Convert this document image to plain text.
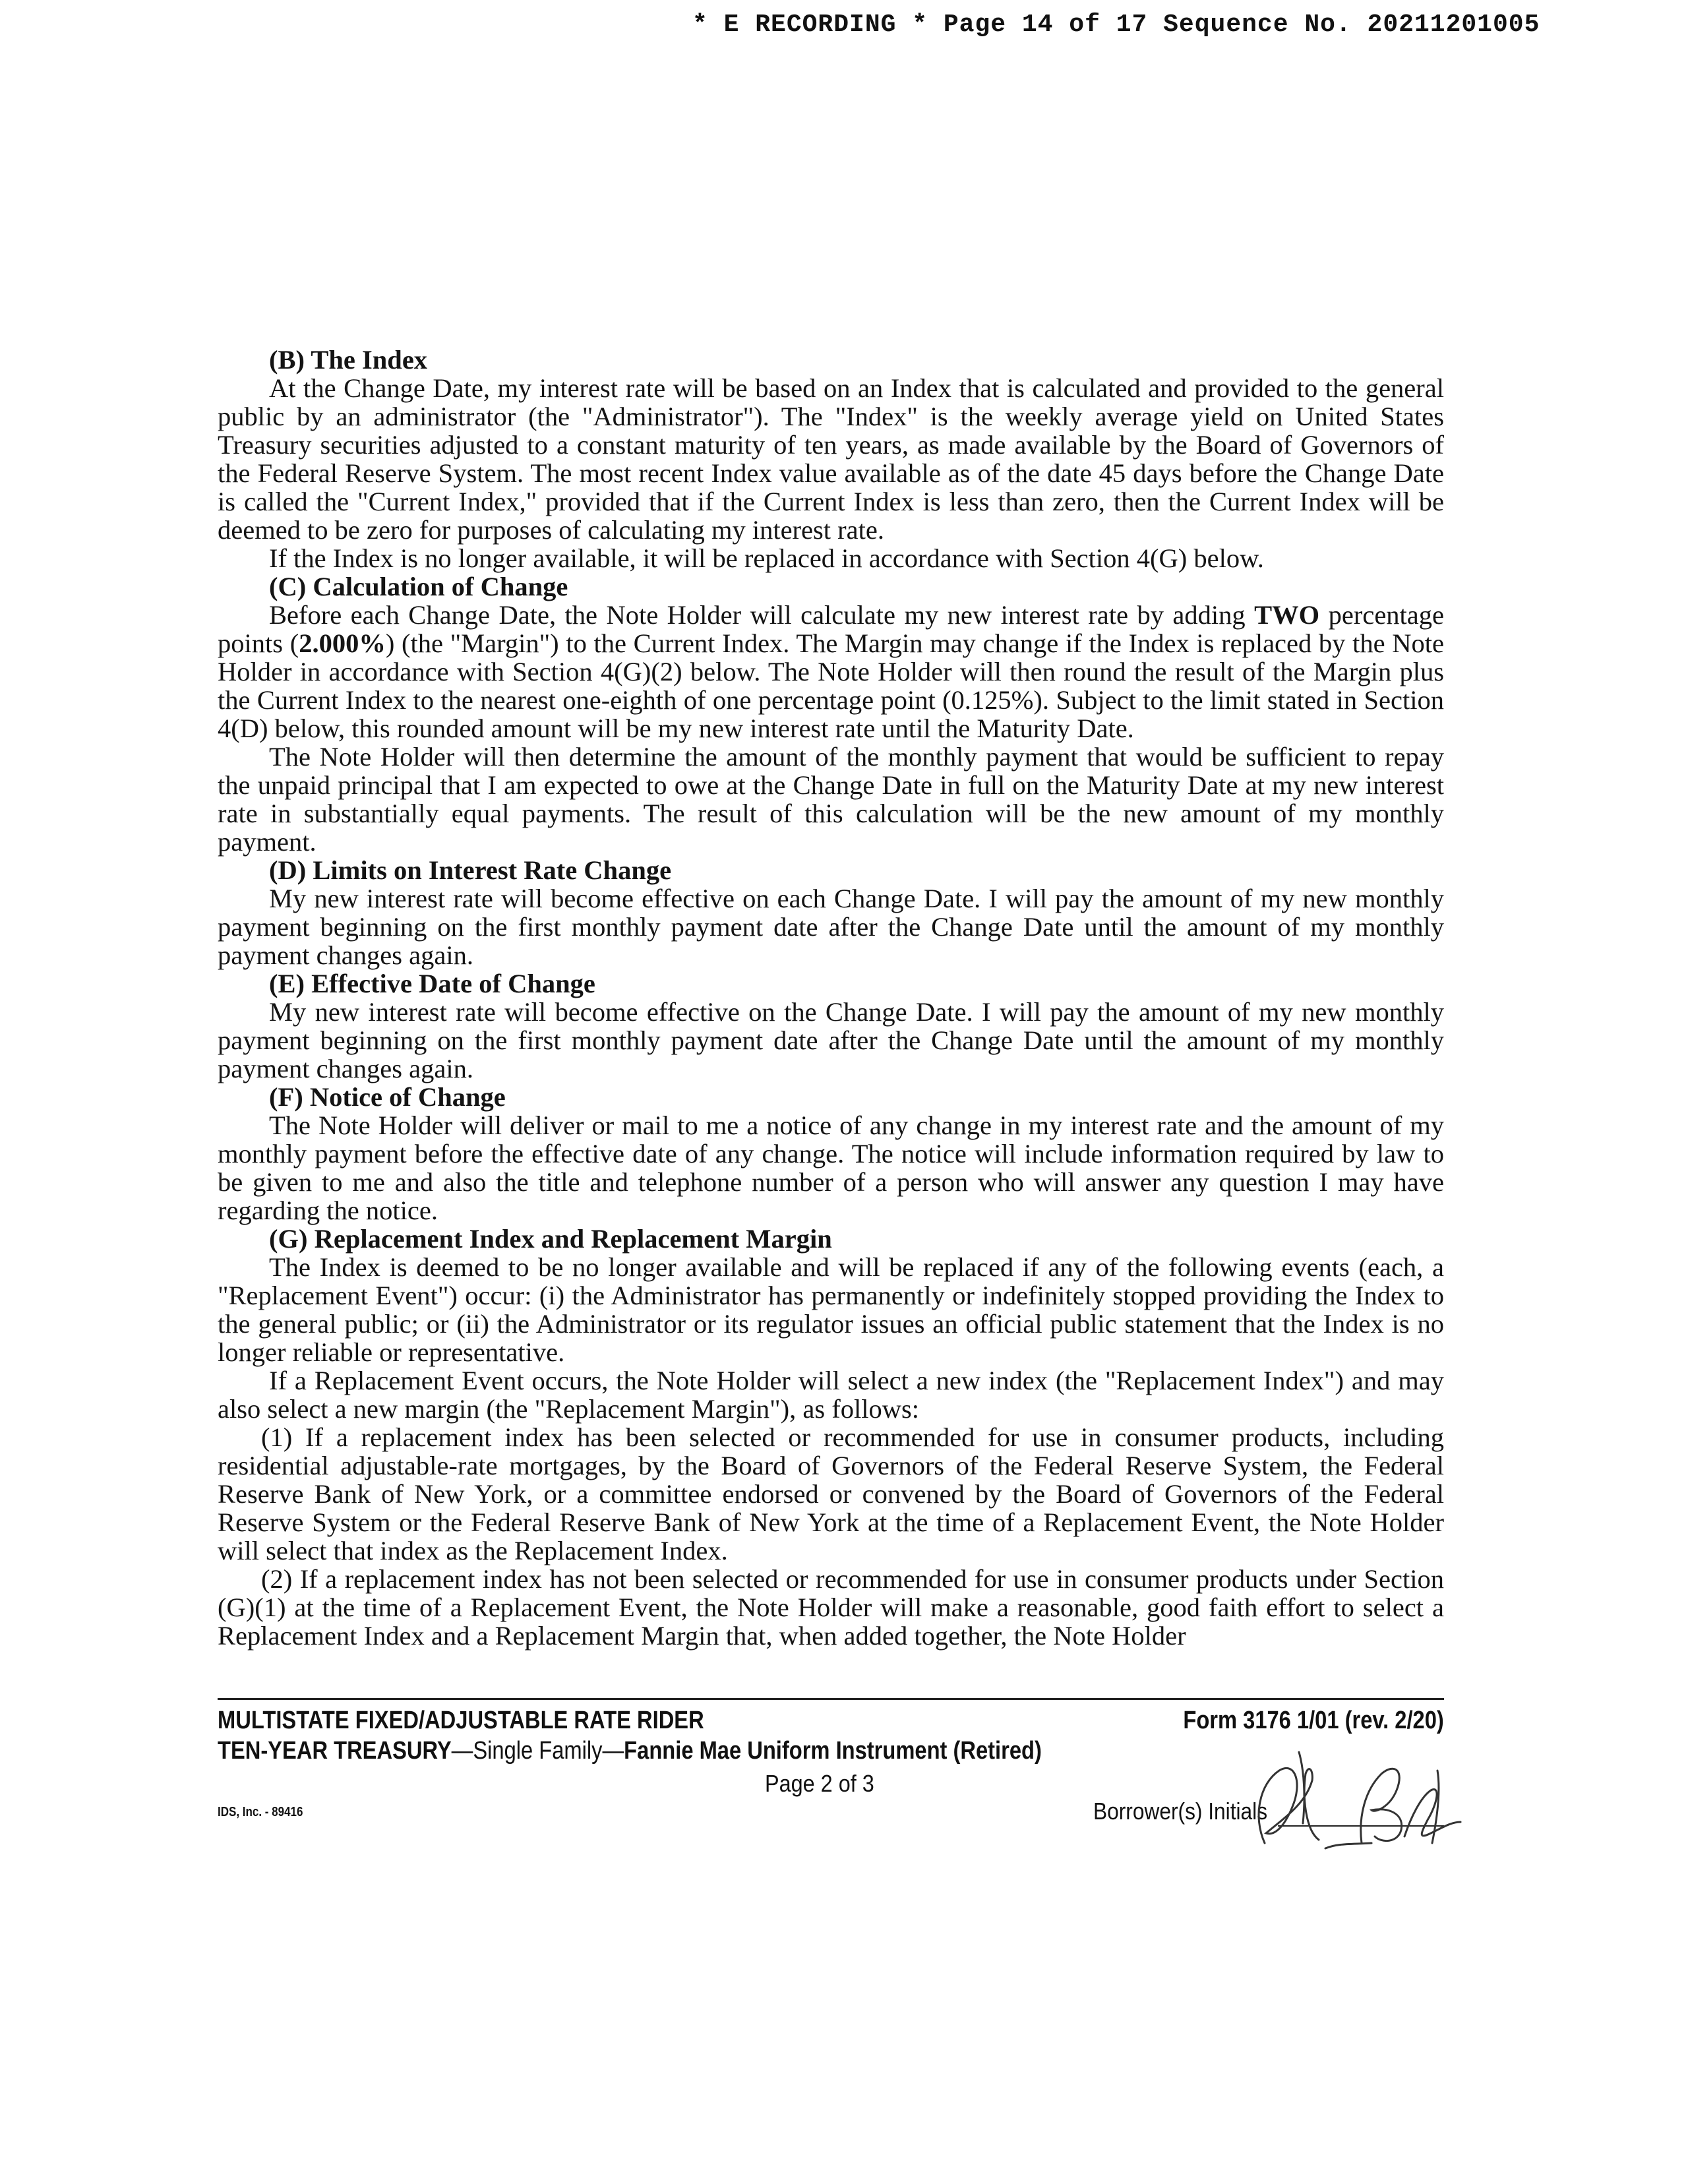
* E RECORDING * Page 14 of 17 Sequence No. 20211201005
(B) The Index

At the Change Date, my interest rate will be based on an Index that is calculated and provided to the general public by an administrator (the "Administrator"). The "Index" is the weekly average yield on United States Treasury securities adjusted to a constant maturity of ten years, as made available by the Board of Governors of the Federal Reserve System. The most recent Index value available as of the date 45 days before the Change Date is called the "Current Index," provided that if the Current Index is less than zero, then the Current Index will be deemed to be zero for purposes of calculating my interest rate.

If the Index is no longer available, it will be replaced in accordance with Section 4(G) below.

(C) Calculation of Change

Before each Change Date, the Note Holder will calculate my new interest rate by adding TWO percentage points (2.000%) (the "Margin") to the Current Index. The Margin may change if the Index is replaced by the Note Holder in accordance with Section 4(G)(2) below. The Note Holder will then round the result of the Margin plus the Current Index to the nearest one-eighth of one percentage point (0.125%). Subject to the limit stated in Section 4(D) below, this rounded amount will be my new interest rate until the Maturity Date.

The Note Holder will then determine the amount of the monthly payment that would be sufficient to repay the unpaid principal that I am expected to owe at the Change Date in full on the Maturity Date at my new interest rate in substantially equal payments. The result of this calculation will be the new amount of my monthly payment.

(D) Limits on Interest Rate Change

My new interest rate will become effective on each Change Date. I will pay the amount of my new monthly payment beginning on the first monthly payment date after the Change Date until the amount of my monthly payment changes again.

(E) Effective Date of Change

My new interest rate will become effective on the Change Date. I will pay the amount of my new monthly payment beginning on the first monthly payment date after the Change Date until the amount of my monthly payment changes again.

(F) Notice of Change

The Note Holder will deliver or mail to me a notice of any change in my interest rate and the amount of my monthly payment before the effective date of any change. The notice will include information required by law to be given to me and also the title and telephone number of a person who will answer any question I may have regarding the notice.

(G) Replacement Index and Replacement Margin

The Index is deemed to be no longer available and will be replaced if any of the following events (each, a "Replacement Event") occur: (i) the Administrator has permanently or indefinitely stopped providing the Index to the general public; or (ii) the Administrator or its regulator issues an official public statement that the Index is no longer reliable or representative.

If a Replacement Event occurs, the Note Holder will select a new index (the "Replacement Index") and may also select a new margin (the "Replacement Margin"), as follows:

(1) If a replacement index has been selected or recommended for use in consumer products, including residential adjustable-rate mortgages, by the Board of Governors of the Federal Reserve System, the Federal Reserve Bank of New York, or a committee endorsed or convened by the Board of Governors of the Federal Reserve System or the Federal Reserve Bank of New York at the time of a Replacement Event, the Note Holder will select that index as the Replacement Index.

(2) If a replacement index has not been selected or recommended for use in consumer products under Section (G)(1) at the time of a Replacement Event, the Note Holder will make a reasonable, good faith effort to select a Replacement Index and a Replacement Margin that, when added together, the Note Holder

MULTISTATE FIXED/ADJUSTABLE RATE RIDER	Form 3176 1/01 (rev. 2/20)
TEN-YEAR TREASURY—Single Family—Fannie Mae Uniform Instrument (Retired)
Page 2 of 3
IDS, Inc. - 89416	Borrower(s) Initials
